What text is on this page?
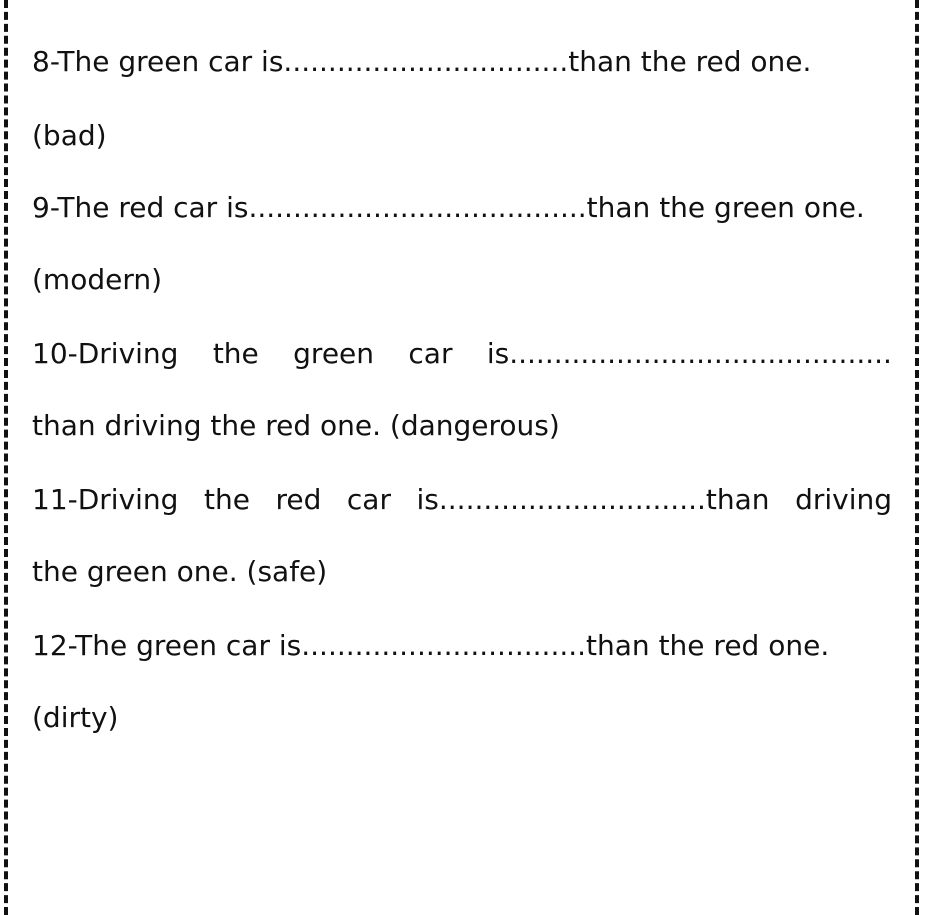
8-The green car is................................than the red one.
(bad)
9-The red car is......................................than the green one.
(modern)
10-Driving the green car is...........................................
than driving the red one. (dangerous)
11-Driving the red car is..............................than driving
the green one. (safe)
12-The green car is................................than the red one.
(dirty)
